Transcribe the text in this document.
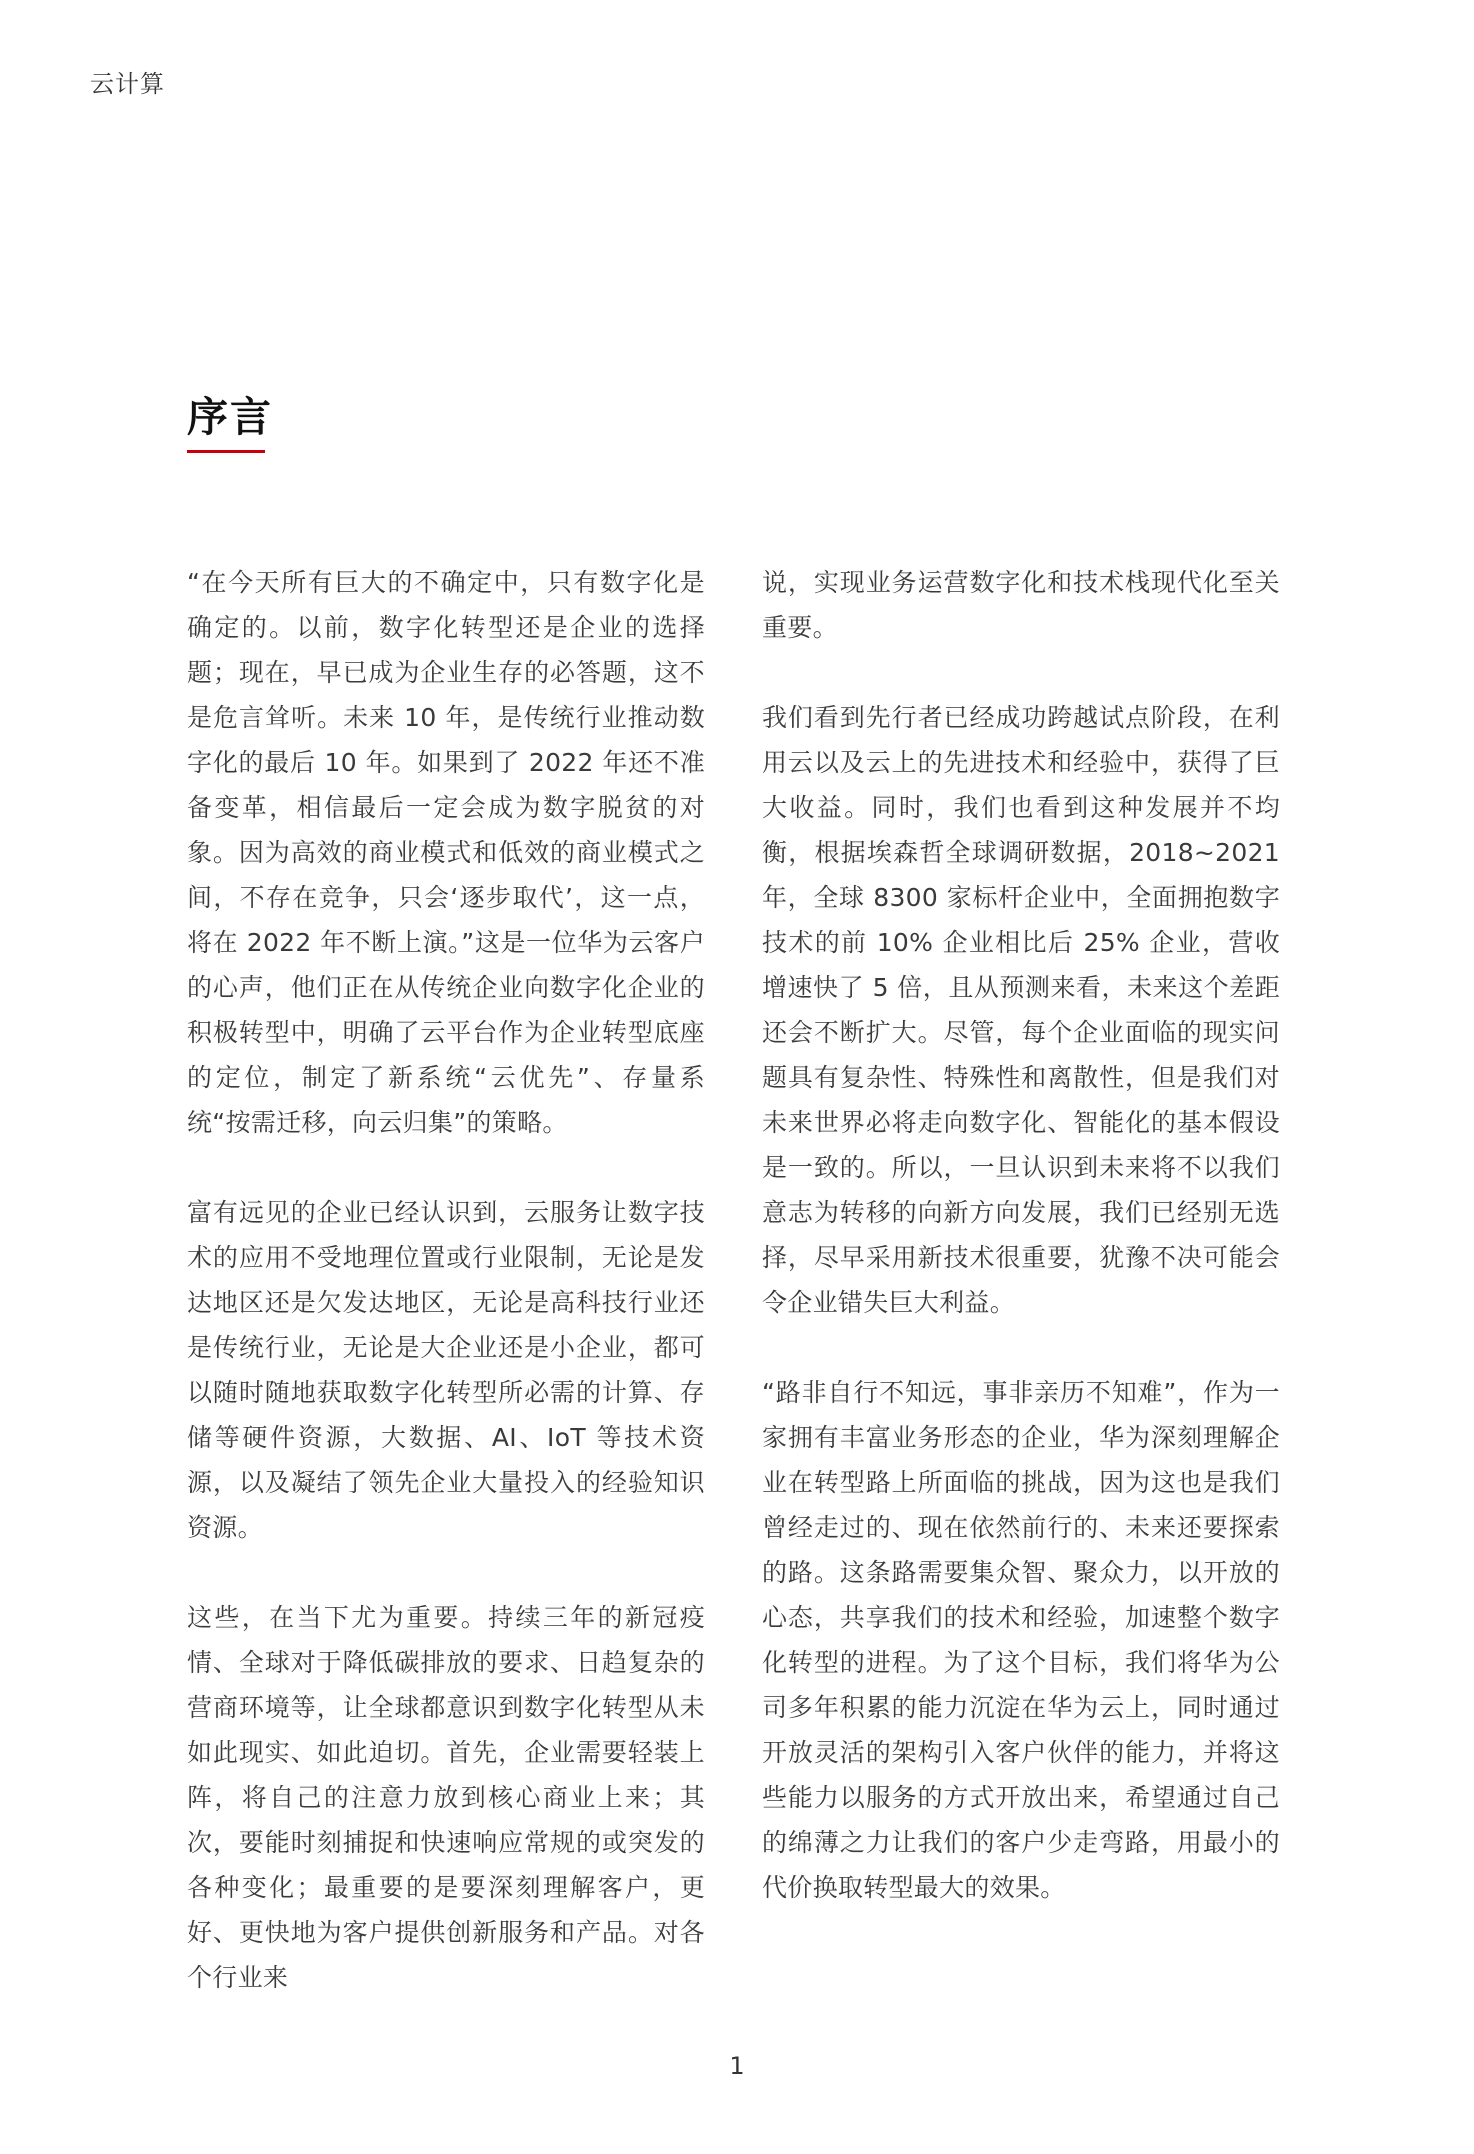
云计算
序言

“在今天所有巨大的不确定中，只有数字化是确定的。以前，数字化转型还是企业的选择题；现在，早已成为企业生存的必答题，这不是危言耸听。未来 10 年，是传统行业推动数字化的最后 10 年。如果到了 2022 年还不准备变革，相信最后一定会成为数字脱贫的对象。因为高效的商业模式和低效的商业模式之间，不存在竞争，只会‘逐步取代’，这一点，将在 2022 年不断上演。”这是一位华为云客户的心声，他们正在从传统企业向数字化企业的积极转型中，明确了云平台作为企业转型底座的定位，制定了新系统“云优先”、存量系统“按需迁移，向云归集”的策略。

富有远见的企业已经认识到，云服务让数字技术的应用不受地理位置或行业限制，无论是发达地区还是欠发达地区，无论是高科技行业还是传统行业，无论是大企业还是小企业，都可以随时随地获取数字化转型所必需的计算、存储等硬件资源，大数据、AI、IoT 等技术资源，以及凝结了领先企业大量投入的经验知识资源。

这些，在当下尤为重要。持续三年的新冠疫情、全球对于降低碳排放的要求、日趋复杂的营商环境等，让全球都意识到数字化转型从未如此现实、如此迫切。首先，企业需要轻装上阵，将自己的注意力放到核心商业上来；其次，要能时刻捕捉和快速响应常规的或突发的各种变化；最重要的是要深刻理解客户，更好、更快地为客户提供创新服务和产品。对各个行业来

说，实现业务运营数字化和技术栈现代化至关重要。

我们看到先行者已经成功跨越试点阶段，在利用云以及云上的先进技术和经验中，获得了巨大收益。同时，我们也看到这种发展并不均衡，根据埃森哲全球调研数据，2018~2021 年，全球 8300 家标杆企业中，全面拥抱数字技术的前 10% 企业相比后 25% 企业，营收增速快了 5 倍，且从预测来看，未来这个差距还会不断扩大。尽管，每个企业面临的现实问题具有复杂性、特殊性和离散性，但是我们对未来世界必将走向数字化、智能化的基本假设是一致的。所以，一旦认识到未来将不以我们意志为转移的向新方向发展，我们已经别无选择，尽早采用新技术很重要，犹豫不决可能会令企业错失巨大利益。

“路非自行不知远，事非亲历不知难”，作为一家拥有丰富业务形态的企业，华为深刻理解企业在转型路上所面临的挑战，因为这也是我们曾经走过的、现在依然前行的、未来还要探索的路。这条路需要集众智、聚众力，以开放的心态，共享我们的技术和经验，加速整个数字化转型的进程。为了这个目标，我们将华为公司多年积累的能力沉淀在华为云上，同时通过开放灵活的架构引入客户伙伴的能力，并将这些能力以服务的方式开放出来，希望通过自己的绵薄之力让我们的客户少走弯路，用最小的代价换取转型最大的效果。

1
